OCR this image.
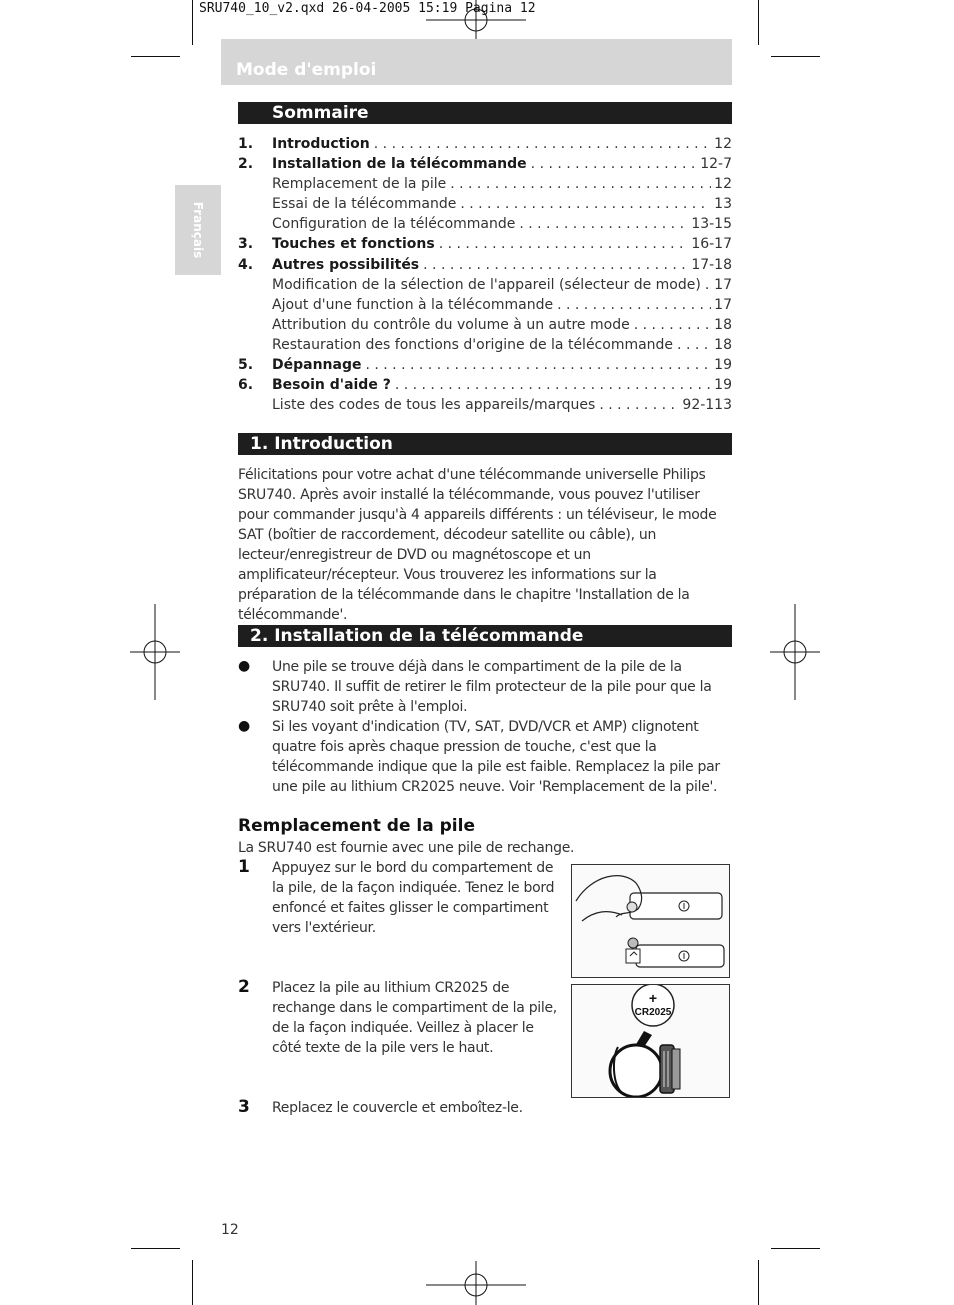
SRU740_10_v2.qxd 26-04-2005 15:19 Pagina 12
Mode d'emploi
Français
Sommaire
1.	Introduction . . .	12
2.	Installation de la télécommande . . .	12-7
Remplacement de la pile . . .	12
Essai de la télécommande . . .	13
Configuration de la télécommande . . .	13-15
3.	Touches et fonctions . . .	16-17
4.	Autres possibilités . . .	17-18
Modification de la sélection de l'appareil (sélecteur de mode) . . . 17
Ajout d'une function à la télécommande . . .	17
Attribution du contrôle du volume à un autre mode . . .	18
Restauration des fonctions d'origine de la télécommande . . .	18
5.	Dépannage . . .	19
6.	Besoin d'aide ? . . .	19
Liste des codes de tous les appareils/marques . . .	92-113
1. Introduction
Félicitations pour votre achat d'une télécommande universelle Philips SRU740. Après avoir installé la télécommande, vous pouvez l'utiliser pour commander jusqu'à 4 appareils différents : un téléviseur, le mode SAT (boîtier de raccordement, décodeur satellite ou câble), un lecteur/enregistreur de DVD ou magnétoscope et un amplificateur/récepteur. Vous trouverez les informations sur la préparation de la télécommande dans le chapitre 'Installation de la télécommande'.
2. Installation de la télécommande
● Une pile se trouve déjà dans le compartiment de la pile de la SRU740. Il suffit de retirer le film protecteur de la pile pour que la SRU740 soit prête à l'emploi.
● Si les voyant d'indication (TV, SAT, DVD/VCR et AMP) clignotent quatre fois après chaque pression de touche, c'est que la télécommande indique que la pile est faible. Remplacez la pile par une pile au lithium CR2025 neuve. Voir 'Remplacement de la pile'.
Remplacement de la pile
La SRU740 est fournie avec une pile de rechange.
1 Appuyez sur le bord du compartement de la pile, de la façon indiquée. Tenez le bord enfoncé et faites glisser le compartiment vers l'extérieur.
2 Placez la pile au lithium CR2025 de rechange dans le compartiment de la pile, de la façon indiquée. Veillez à placer le côté texte de la pile vers le haut.
3 Replacez le couvercle et emboîtez-le.
+
CR2025
12
